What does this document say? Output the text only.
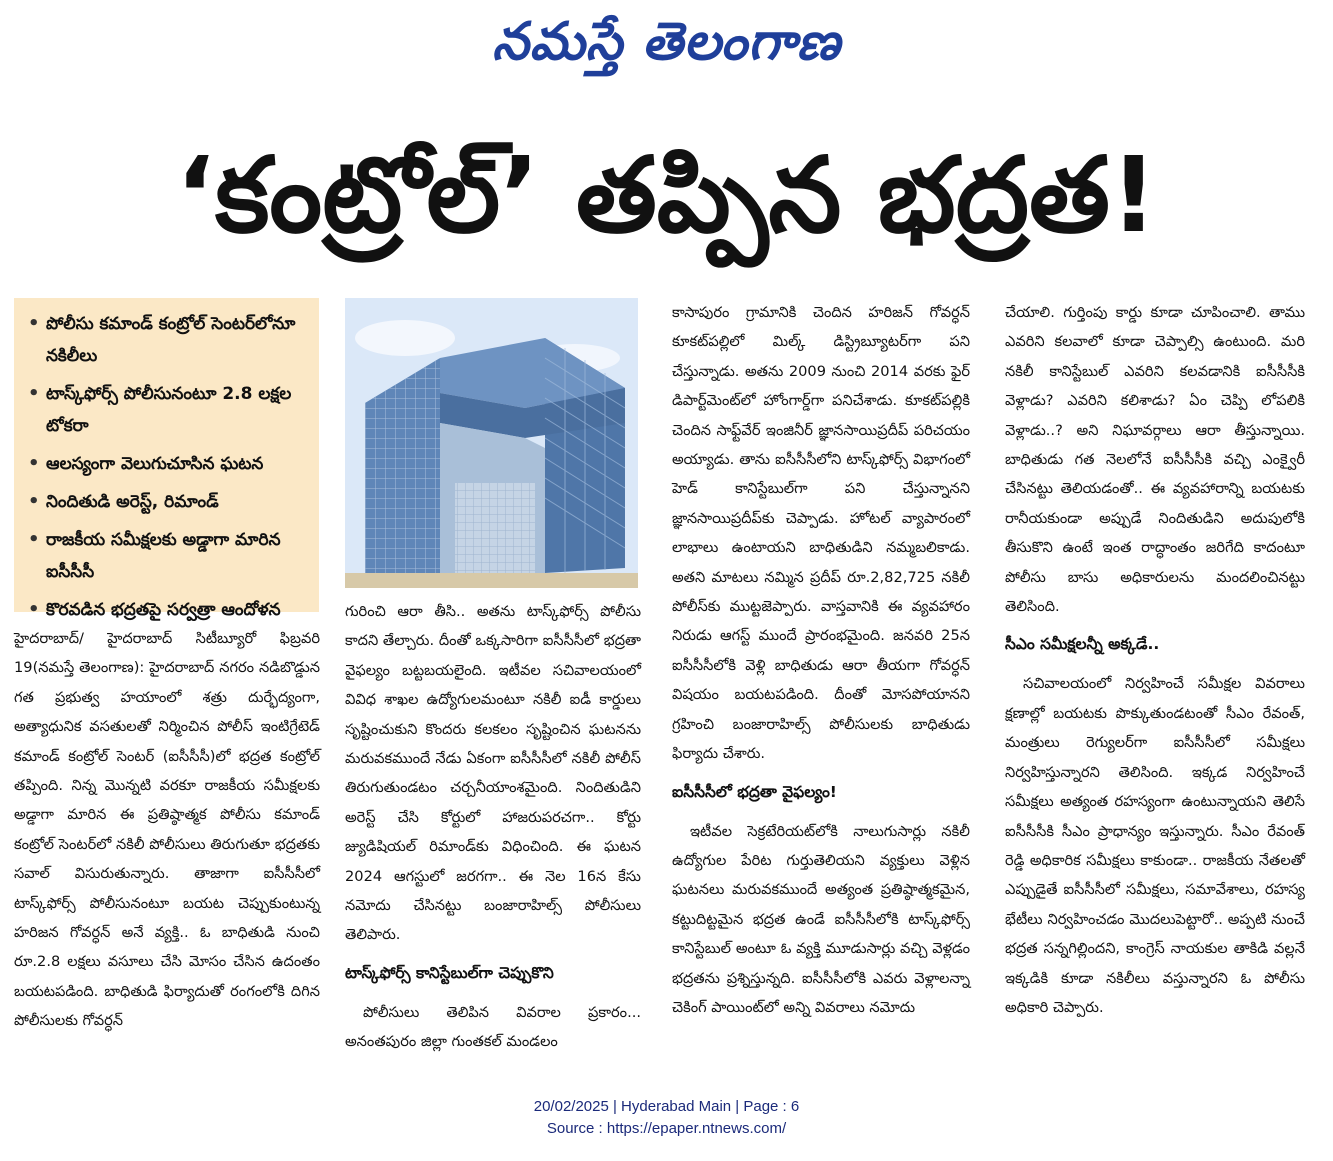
నమస్తే తెలంగాణ
‘కంట్రోల్’ తప్పిన భద్రత!
• పోలీసు కమాండ్ కంట్రోల్ సెంటర్‌లోనూ నకిలీలు
• టాస్క్‌ఫోర్స్ పోలీసునంటూ 2.8 లక్షల టోకరా
• ఆలస్యంగా వెలుగుచూసిన ఘటన
• నిందితుడి అరెస్ట్, రిమాండ్
• రాజకీయ సమీక్షలకు అడ్డాగా మారిన ఐసీసీసీ
• కొరవడిన భద్రతపై సర్వత్రా ఆందోళన

హైదరాబాద్/ హైదరాబాద్ సిటీబ్యూరో ఫిబ్రవరి 19(నమస్తే తెలంగాణ): హైదరాబాద్ నగరం నడిబొడ్డున గత ప్రభుత్వ హయాంలో శత్రు దుర్భేద్యంగా, అత్యాధునిక వసతులతో నిర్మించిన పోలీస్ ఇంటిగ్రేటెడ్ కమాండ్ కంట్రోల్ సెంటర్ (ఐసీసీసీ)లో భద్రత కంట్రోల్ తప్పింది. నిన్న మొన్నటి వరకూ రాజకీయ సమీక్షలకు అడ్డాగా మారిన ఈ ప్రతిష్ఠాత్మక పోలీసు కమాండ్ కంట్రోల్ సెంటర్‌లో నకిలీ పోలీసులు తిరుగుతూ భద్రతకు సవాల్ విసురుతున్నారు. తాజాగా ఐసీసీసీలో టాస్క్‌ఫోర్స్ పోలీసునంటూ బయట చెప్పుకుంటున్న హరిజన గోవర్ధన్ అనే వ్యక్తి.. ఓ బాధితుడి నుంచి రూ.2.8 లక్షలు వసూలు చేసి మోసం చేసిన ఉదంతం బయటపడింది. బాధితుడి ఫిర్యాదుతో రంగంలోకి దిగిన పోలీసులకు గోవర్ధన్

గురించి ఆరా తీసి.. అతను టాస్క్‌ఫోర్స్ పోలీసు కాదని తేల్చారు. దీంతో ఒక్కసారిగా ఐసీసీసీలో భద్రతా వైఫల్యం బట్టబయలైంది. ఇటీవల సచివాలయంలో వివిధ శాఖల ఉద్యోగులమంటూ నకిలీ ఐడీ కార్డులు సృష్టించుకుని కొందరు కలకలం సృష్టించిన ఘటనను మరువకముందే నేడు ఏకంగా ఐసీసీసీలో నకిలీ పోలీస్ తిరుగుతుండటం చర్చనీయాంశమైంది. నిందితుడిని అరెస్ట్ చేసి కోర్టులో హాజరుపరచగా.. కోర్టు జ్యుడిషియల్ రిమాండ్‌కు విధించింది. ఈ ఘటన 2024 ఆగస్టులో జరగగా.. ఈ నెల 16న కేసు నమోదు చేసినట్టు బంజారాహిల్స్ పోలీసులు తెలిపారు.

టాస్క్‌ఫోర్స్ కానిస్టేబుల్‌గా చెప్పుకొని

పోలీసులు తెలిపిన వివరాల ప్రకారం... అనంతపురం జిల్లా గుంతకల్ మండలం

కాసాపురం గ్రామానికి చెందిన హరిజన్ గోవర్ధన్ కూకట్‌పల్లిలో మిల్క్ డిస్ట్రిబ్యూటర్‌గా పని చేస్తున్నాడు. అతను 2009 నుంచి 2014 వరకు ఫైర్ డిపార్ట్‌మెంట్‌లో హోంగార్డ్‌గా పనిచేశాడు. కూకట్‌పల్లికి చెందిన సాఫ్ట్‌వేర్ ఇంజినీర్ జ్ఞానసాయిప్రదీప్ పరిచయం అయ్యాడు. తాను ఐసీసీసీలోని టాస్క్‌ఫోర్స్ విభాగంలో హెడ్ కానిస్టేబుల్‌గా పని చేస్తున్నానని జ్ఞానసాయిప్రదీప్‌కు చెప్పాడు. హోటల్ వ్యాపారంలో లాభాలు ఉంటాయని బాధితుడిని నమ్మబలికాడు. అతని మాటలు నమ్మిన ప్రదీప్ రూ.2,82,725 నకిలీ పోలీస్‌కు ముట్టజెప్పారు. వాస్తవానికి ఈ వ్యవహారం నిరుడు ఆగస్ట్ ముందే ప్రారంభమైంది. జనవరి 25న ఐసీసీసీలోకి వెళ్లి బాధితుడు ఆరా తీయగా గోవర్ధన్ విషయం బయటపడింది. దీంతో మోసపోయానని గ్రహించి బంజారాహిల్స్ పోలీసులకు బాధితుడు ఫిర్యాదు చేశారు.

ఐసీసీసీలో భద్రతా వైఫల్యం!

ఇటీవల సెక్రటేరియట్‌లోకి నాలుగుసార్లు నకిలీ ఉద్యోగుల పేరిట గుర్తుతెలియని వ్యక్తులు వెళ్లిన ఘటనలు మరువకముందే అత్యంత ప్రతిష్ఠాత్మకమైన, కట్టుదిట్టమైన భద్రత ఉండే ఐసీసీసీలోకి టాస్క్‌ఫోర్స్ కానిస్టేబుల్ అంటూ ఓ వ్యక్తి మూడుసార్లు వచ్చి వెళ్లడం భద్రతను ప్రశ్నిస్తున్నది. ఐసీసీసీలోకి ఎవరు వెళ్లాలన్నా చెకింగ్ పాయింట్‌లో అన్ని వివరాలు నమోదు

చేయాలి. గుర్తింపు కార్డు కూడా చూపించాలి. తాము ఎవరిని కలవాలో కూడా చెప్పాల్సి ఉంటుంది. మరి నకిలీ కానిస్టేబుల్ ఎవరిని కలవడానికి ఐసీసీసీకి వెళ్లాడు? ఎవరిని కలిశాడు? ఏం చెప్పి లోపలికి వెళ్లాడు..? అని నిఘావర్గాలు ఆరా తీస్తున్నాయి. బాధితుడు గత నెలలోనే ఐసీసీసీకి వచ్చి ఎంక్వైరీ చేసినట్టు తెలియడంతో.. ఈ వ్యవహారాన్ని బయటకు రానీయకుండా అప్పుడే నిందితుడిని అదుపులోకి తీసుకొని ఉంటే ఇంత రాద్ధాంతం జరిగేది కాదంటూ పోలీసు బాసు అధికారులను మందలించినట్టు తెలిసింది.

సీఎం సమీక్షలన్నీ అక్కడే..

సచివాలయంలో నిర్వహించే సమీక్షల వివరాలు క్షణాల్లో బయటకు పొక్కుతుండటంతో సీఎం రేవంత్, మంత్రులు రెగ్యులర్‌గా ఐసీసీసీలో సమీక్షలు నిర్వహిస్తున్నారని తెలిసింది. ఇక్కడ నిర్వహించే సమీక్షలు అత్యంత రహస్యంగా ఉంటున్నాయని తెలిసే ఐసీసీసీకి సీఎం ప్రాధాన్యం ఇస్తున్నారు. సీఎం రేవంత్ రెడ్డి అధికారిక సమీక్షలు కాకుండా.. రాజకీయ నేతలతో ఎప్పుడైతే ఐసీసీసీలో సమీక్షలు, సమావేశాలు, రహస్య భేటీలు నిర్వహించడం మొదలుపెట్టారో.. అప్పటి నుంచే భద్రత సన్నగిల్లిందని, కాంగ్రెస్ నాయకుల తాకిడి వల్లనే ఇక్కడికి కూడా నకిలీలు వస్తున్నారని ఓ పోలీసు అధికారి చెప్పారు.

20/02/2025 | Hyderabad Main | Page : 6
Source : https://epaper.ntnews.com/
